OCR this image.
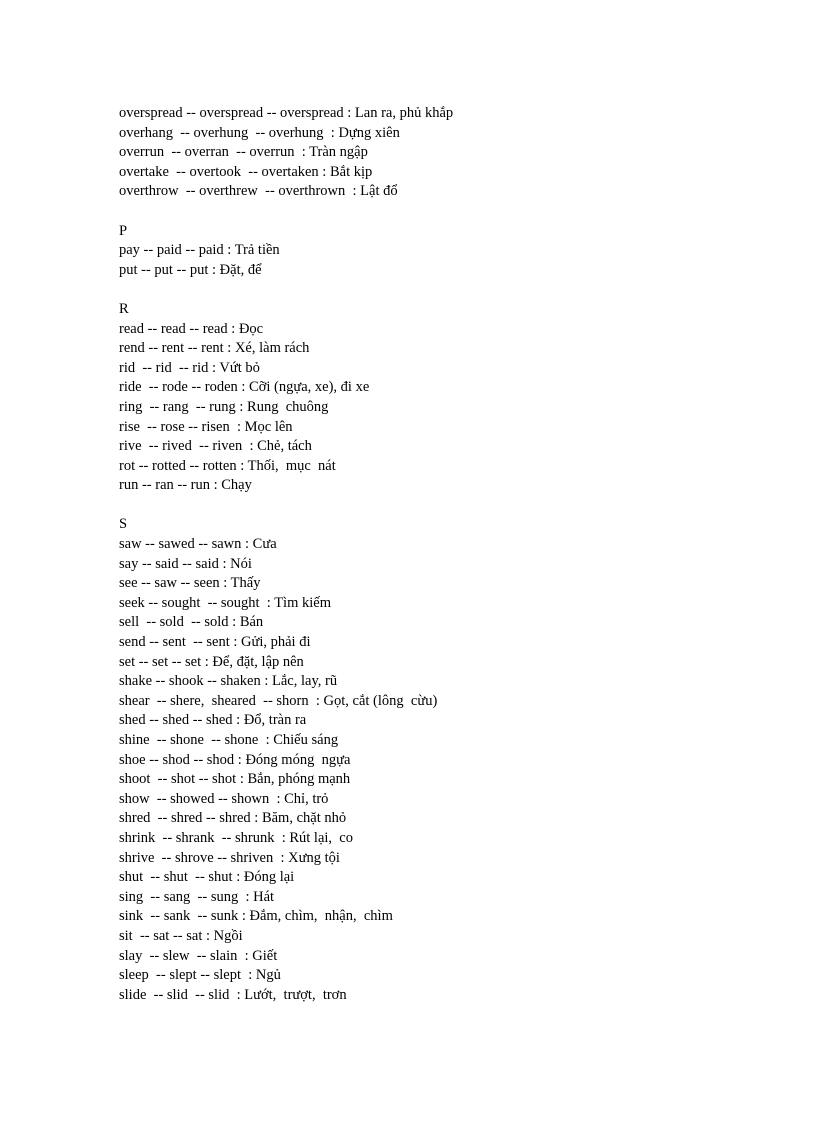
overspread -- overspread -- overspread : Lan ra, phủ khắp
overhang  -- overhung  -- overhung  : Dựng xiên
overrun  -- overran  -- overrun  : Tràn ngập
overtake  -- overtook  -- overtaken : Bắt kịp
overthrow  -- overthrew  -- overthrown  : Lật đổ
P
pay -- paid -- paid : Trả tiền
put -- put -- put : Đặt, để
R
read -- read -- read : Đọc
rend -- rent -- rent : Xé, làm rách
rid  -- rid  -- rid : Vứt bỏ
ride  -- rode -- roden : Cỡi (ngựa, xe), đi xe
ring  -- rang  -- rung : Rung  chuông
rise  -- rose -- risen  : Mọc lên
rive  -- rived  -- riven  : Chẻ, tách
rot -- rotted -- rotten : Thối,  mục  nát
run -- ran -- run : Chạy
S
saw -- sawed -- sawn : Cưa
say -- said -- said : Nói
see -- saw -- seen : Thấy
seek -- sought  -- sought  : Tìm kiếm
sell  -- sold  -- sold : Bán
send -- sent  -- sent : Gửi, phải đi
set -- set -- set : Để, đặt, lập nên
shake -- shook -- shaken : Lắc, lay, rũ
shear  -- shere,  sheared  -- shorn  : Gọt, cắt (lông  cừu)
shed -- shed -- shed : Đổ, tràn ra
shine  -- shone  -- shone  : Chiếu sáng
shoe -- shod -- shod : Đóng móng  ngựa
shoot  -- shot -- shot : Bắn, phóng mạnh
show  -- showed -- shown  : Chỉ, trỏ
shred  -- shred -- shred : Băm, chặt nhỏ
shrink  -- shrank  -- shrunk  : Rút lại,  co
shrive  -- shrove -- shriven  : Xưng tội
shut  -- shut  -- shut : Đóng lại
sing  -- sang  -- sung  : Hát
sink  -- sank  -- sunk : Đắm, chìm,  nhận,  chìm
sit  -- sat -- sat : Ngồi
slay  -- slew  -- slain  : Giết
sleep  -- slept -- slept  : Ngủ
slide  -- slid  -- slid  : Lướt,  trượt,  trơn
